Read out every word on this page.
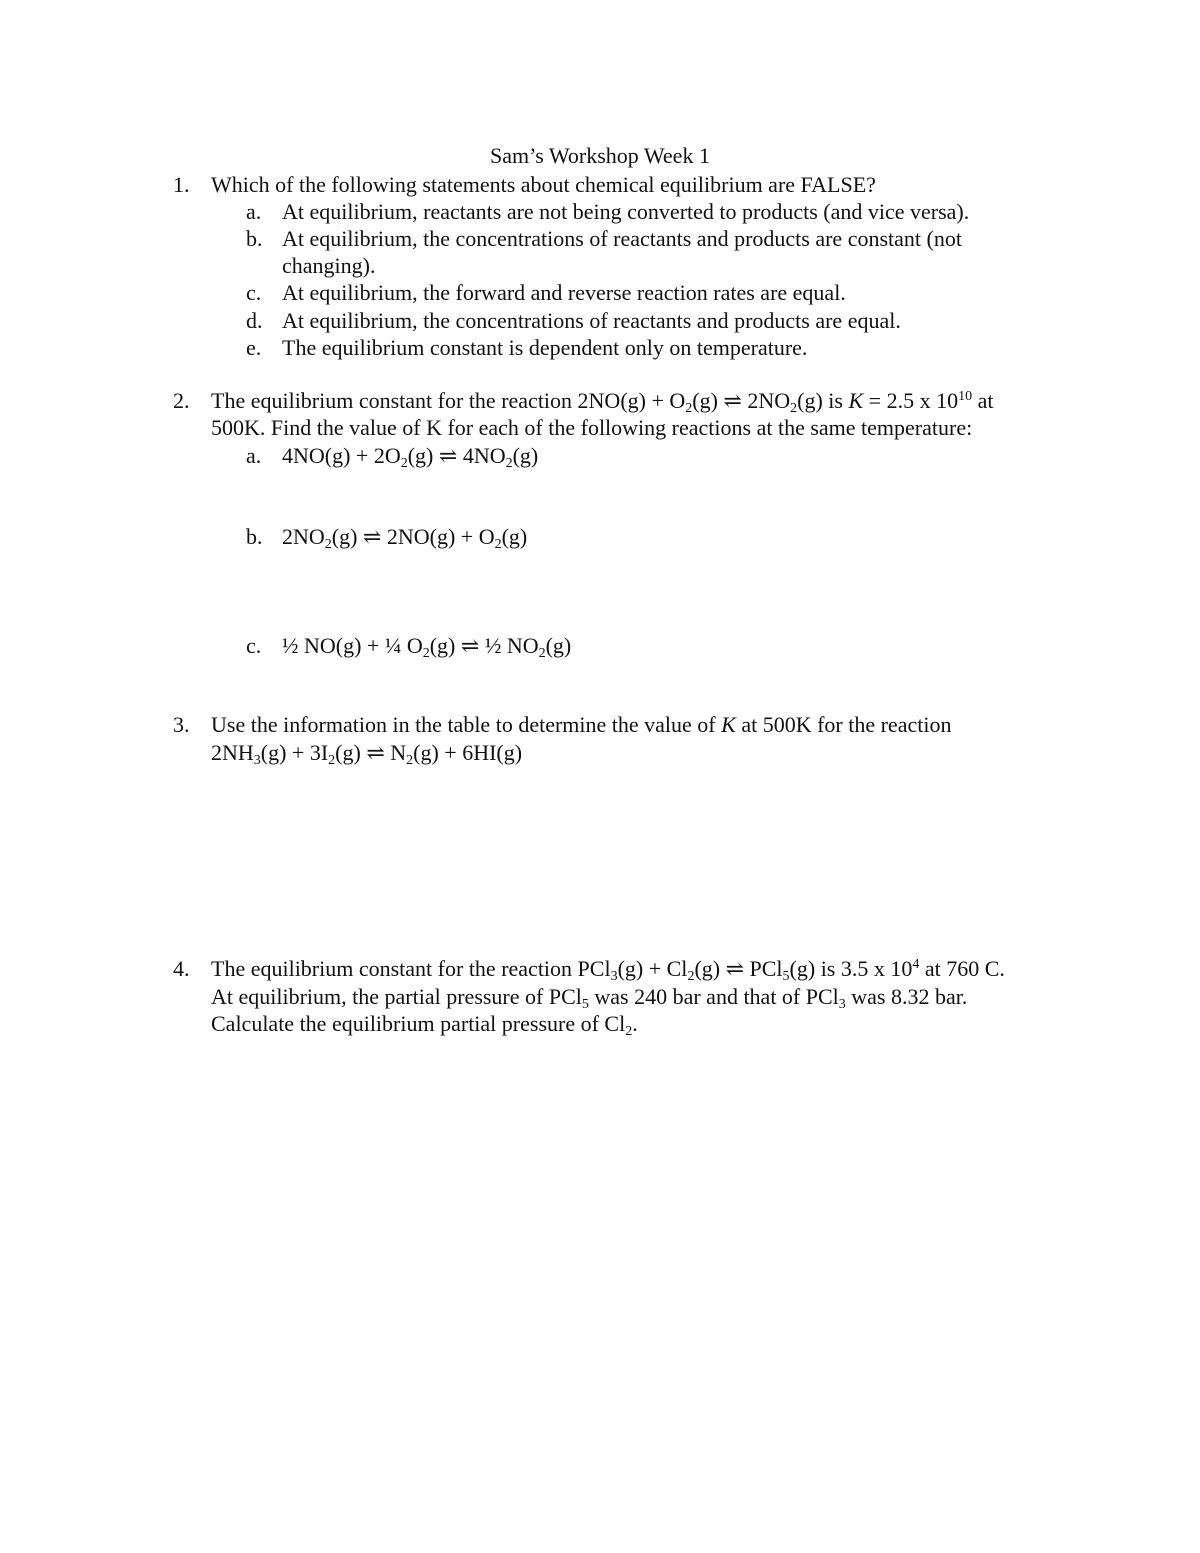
Sam’s Workshop Week 1
1. Which of the following statements about chemical equilibrium are FALSE?
a. At equilibrium, reactants are not being converted to products (and vice versa).
b. At equilibrium, the concentrations of reactants and products are constant (not
changing).
c. At equilibrium, the forward and reverse reaction rates are equal.
d. At equilibrium, the concentrations of reactants and products are equal.
e. The equilibrium constant is dependent only on temperature.
2. The equilibrium constant for the reaction $2NO(g) + O_2(g)$ ⇌ $2NO_2(g)$ is K = 2.5 x $10^{10}$ at
500K. Find the value of K for each of the following reactions at the same temperature:
a. $4NO(g) + 2O_2(g)$ ⇌ $4NO_2(g)$
b. $2NO_2(g)$ ⇌ $2NO(g) + O_2(g)$
c. ½ NO(g) + ¼ $O_2(g)$ ⇌ ½ $NO_2(g)$
3. Use the information in the table to determine the value of K at 500K for the reaction
$2NH_3(g) + 3I_2(g)$ ⇌ $N_2(g) + 6HI(g)$
4. The equilibrium constant for the reaction $PCl_3(g) + Cl_2(g)$ ⇌ PCl$_5$(g) is 3.5 x $10^4$ at 760 C.
At equilibrium, the partial pressure of PCl$_5$ was 240 bar and that of PCl$_3$ was 8.32 bar.
Calculate the equilibrium partial pressure of $Cl_2$.
